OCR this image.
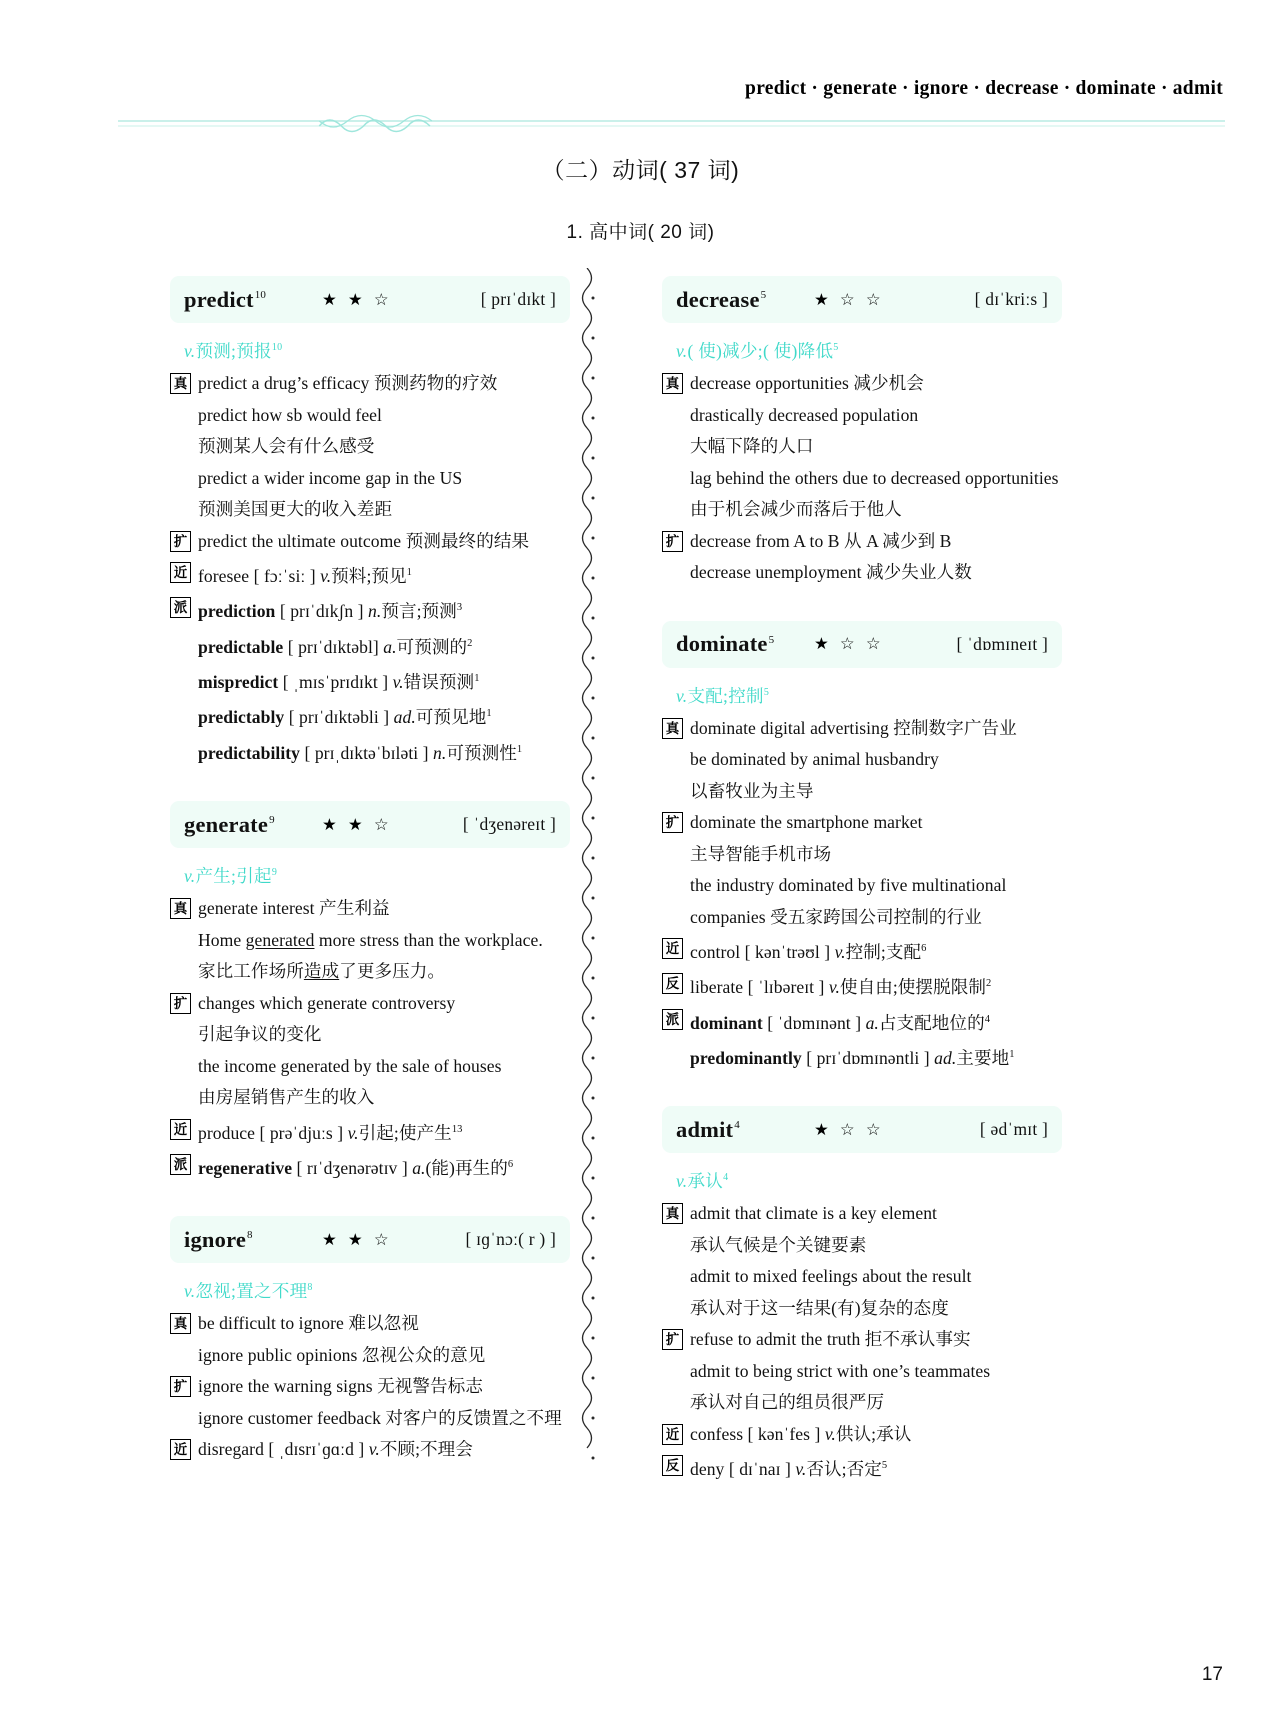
predict · generate · ignore · decrease · dominate · admit
（二）动词( 37 词)
1. 高中词( 20 词)
predict$^{10}$	★ ★ ☆	[ prɪˈdɪkt ]
v.预测;预报$^{10}$
真 predict a drug’s efficacy 预测药物的疗效
predict how sb would feel
预测某人会有什么感受
predict a wider income gap in the US
预测美国更大的收入差距
扩 predict the ultimate outcome 预测最终的结果
近 foresee [ fɔːˈsiː ] v.预料;预见$^1$
派 prediction [ prɪˈdɪkʃn ] n.预言;预测$^3$
predictable [ prɪˈdɪktəbl] a.可预测的$^2$
mispredict [ ˌmɪsˈprɪdɪkt ] v.错误预测$^1$
predictably [ prɪˈdɪktəbli ] ad.可预见地$^1$
predictability [ prɪˌdɪktəˈbɪləti ] n.可预测性$^1$
generate$^9$	★ ★ ☆	[ ˈdʒenəreɪt ]
v.产生;引起$^9$
真 generate interest 产生利益
Home generated more stress than the workplace.
家比工作场所造成了更多压力。
扩 changes which generate controversy
引起争议的变化
the income generated by the sale of houses
由房屋销售产生的收入
近 produce [ prəˈdjuːs ] v.引起;使产生$^{13}$
派 regenerative [ rɪˈdʒenərətɪv ] a.(能)再生的$^6$
ignore$^8$	★ ★ ☆	[ ɪɡˈnɔː( r ) ]
v.忽视;置之不理$^8$
真 be difficult to ignore 难以忽视
ignore public opinions 忽视公众的意见
扩 ignore the warning signs 无视警告标志
ignore customer feedback 对客户的反馈置之不理
近 disregard [ ˌdɪsrɪˈɡɑːd ] v.不顾;不理会
decrease$^5$	★ ☆ ☆	[ dɪˈkriːs ]
v.( 使)减少;( 使)降低$^5$
真 decrease opportunities 减少机会
drastically decreased population
大幅下降的人口
lag behind the others due to decreased opportunities
由于机会减少而落后于他人
扩 decrease from A to B 从 A 减少到 B
decrease unemployment 减少失业人数
dominate$^5$ ★ ☆ ☆	[ ˈdɒmɪneɪt ]
v.支配;控制$^5$
真 dominate digital advertising 控制数字广告业
be dominated by animal husbandry
以畜牧业为主导
扩 dominate the smartphone market
主导智能手机市场
the industry dominated by five multinational
companies 受五家跨国公司控制的行业
近 control [ kənˈtrəʊl ] v.控制;支配$^6$
反 liberate [ ˈlɪbəreɪt ] v.使自由;使摆脱限制$^2$
派 dominant [ ˈdɒmɪnənt ] a.占支配地位的$^4$
predominantly [ prɪˈdɒmɪnəntli ] ad.主要地$^1$
admit$^4$	★ ☆ ☆	[ ədˈmɪt ]
v.承认$^4$
真 admit that climate is a key element
承认气候是个关键要素
admit to mixed feelings about the result
承认对于这一结果(有)复杂的态度
扩 refuse to admit the truth 拒不承认事实
admit to being strict with one’s teammates
承认对自己的组员很严厉
近 confess [ kənˈfes ] v.供认;承认
反 deny [ dɪˈnaɪ ] v.否认;否定$^5$
17
